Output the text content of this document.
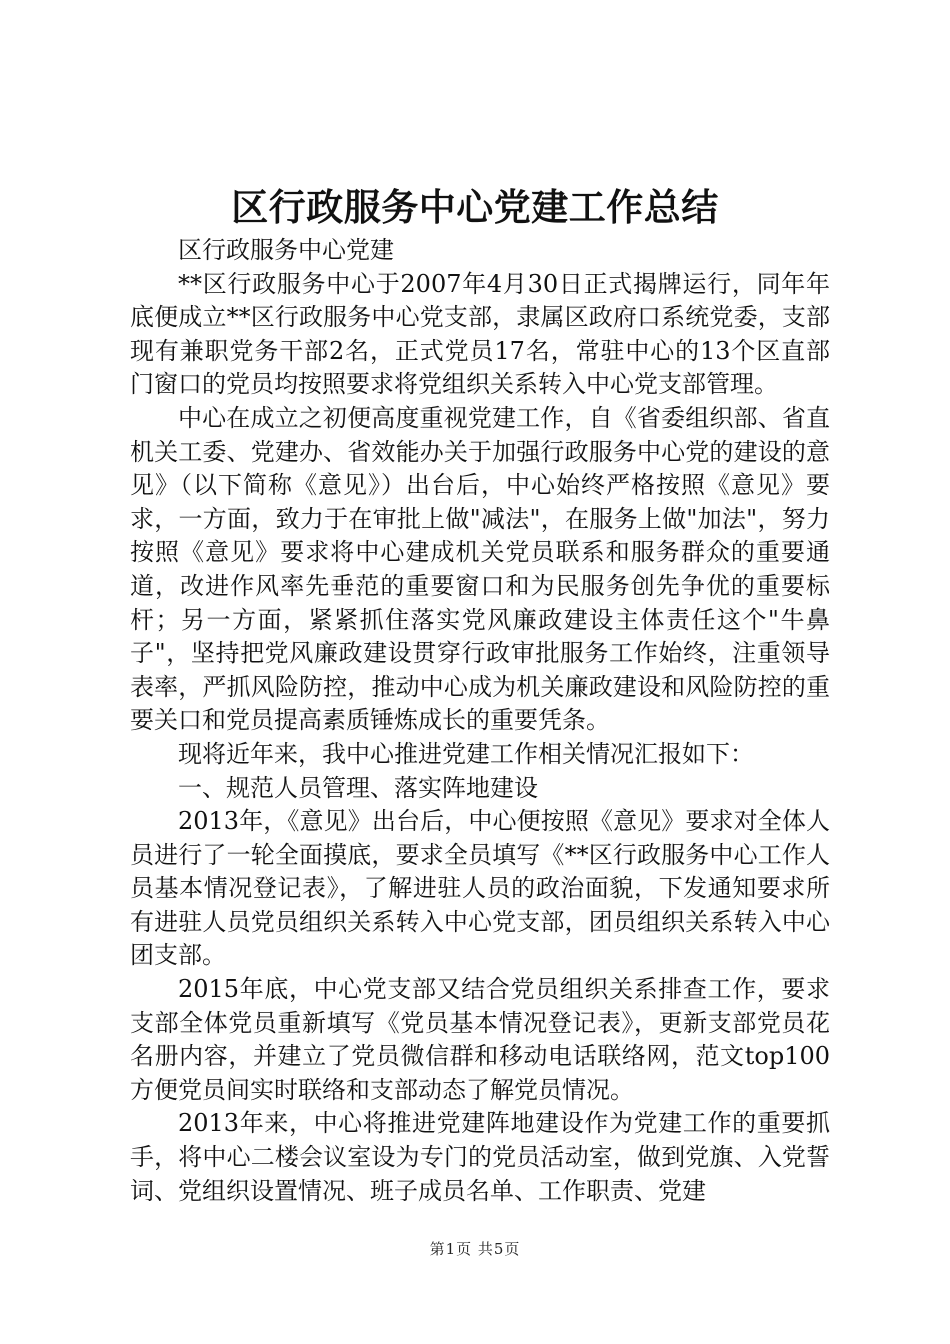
区行政服务中心党建工作总结

区行政服务中心党建

**区行政服务中心于2007年4月30日正式揭牌运行，同年年底便成立**区行政服务中心党支部，隶属区政府口系统党委，支部现有兼职党务干部2名，正式党员17名，常驻中心的13个区直部门窗口的党员均按照要求将党组织关系转入中心党支部管理。

中心在成立之初便高度重视党建工作，自《省委组织部、省直机关工委、党建办、省效能办关于加强行政服务中心党的建设的意见》（以下简称《意见》）出台后，中心始终严格按照《意见》要求，一方面，致力于在审批上做"减法"，在服务上做"加法"，努力按照《意见》要求将中心建成机关党员联系和服务群众的重要通道，改进作风率先垂范的重要窗口和为民服务创先争优的重要标杆；另一方面，紧紧抓住落实党风廉政建设主体责任这个"牛鼻子"，坚持把党风廉政建设贯穿行政审批服务工作始终，注重领导表率，严抓风险防控，推动中心成为机关廉政建设和风险防控的重要关口和党员提高素质锤炼成长的重要凭条。

现将近年来，我中心推进党建工作相关情况汇报如下：

一、规范人员管理、落实阵地建设

2013年，《意见》出台后，中心便按照《意见》要求对全体人员进行了一轮全面摸底，要求全员填写《**区行政服务中心工作人员基本情况登记表》，了解进驻人员的政治面貌，下发通知要求所有进驻人员党员组织关系转入中心党支部，团员组织关系转入中心团支部。

2015年底，中心党支部又结合党员组织关系排查工作，要求支部全体党员重新填写《党员基本情况登记表》，更新支部党员花名册内容，并建立了党员微信群和移动电话联络网，范文top100方便党员间实时联络和支部动态了解党员情况。

2013年来，中心将推进党建阵地建设作为党建工作的重要抓手，将中心二楼会议室设为专门的党员活动室，做到党旗、入党誓词、党组织设置情况、班子成员名单、工作职责、党建

第1页 共5页
